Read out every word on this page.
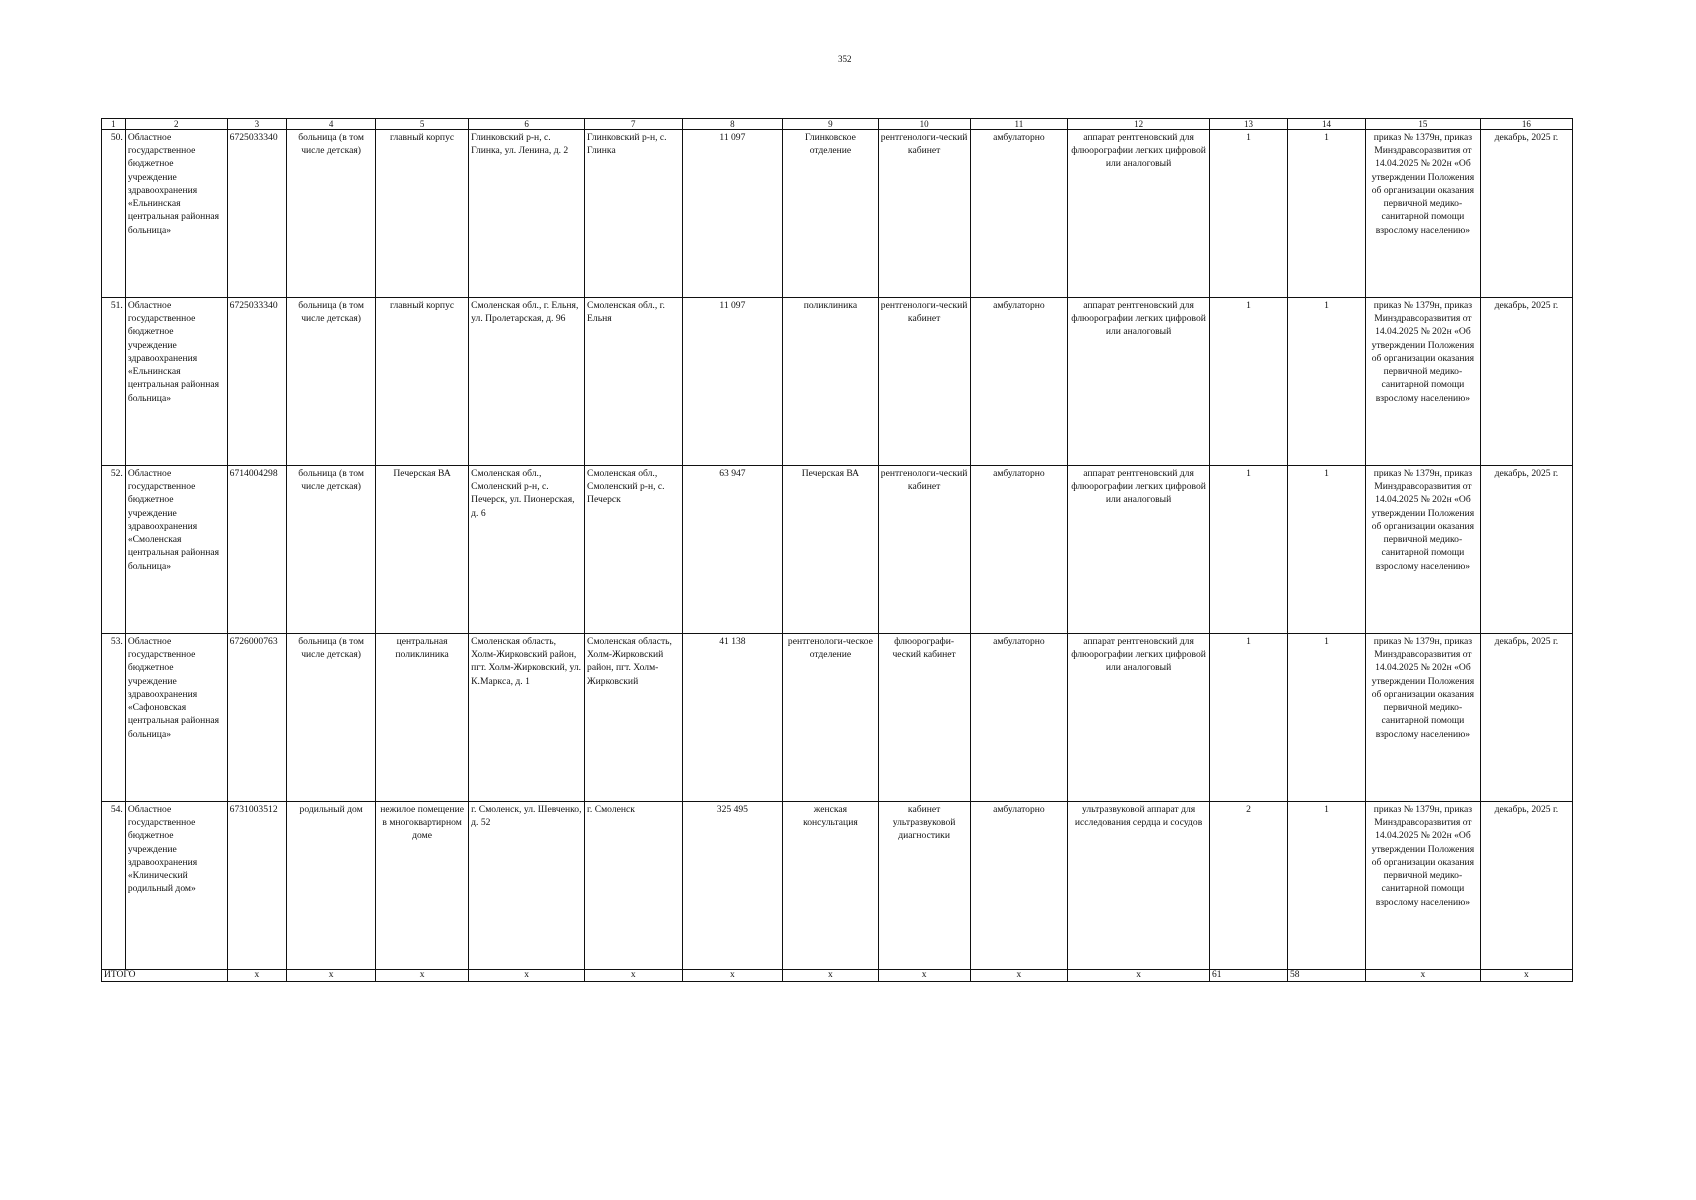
352
1	2	3	4	5	6	7	8	9	10	11	12	13	14	15	16
50.	Областное государственное бюджетное учреждение здравоохранения «Ельнинская центральная районная больница»	6725033340	больница (в том числе детская)	главный корпус	Глинковский р-н, с. Глинка, ул. Ленина, д. 2	Глинковский р-н, с. Глинка	11 097	Глинковское отделение	рентгенологи-ческий кабинет	амбулаторно	аппарат рентгеновский для флюорографии легких цифровой или аналоговый	1	1	приказ № 1379н, приказ Минздравсоразвития от 14.04.2025 № 202н «Об утверждении Положения об организации оказания первичной медико-санитарной помощи взрослому населению»	декабрь, 2025 г.
51.	Областное государственное бюджетное учреждение здравоохранения «Ельнинская центральная районная больница»	6725033340	больница (в том числе детская)	главный корпус	Смоленская обл., г. Ельня, ул. Пролетарская, д. 96	Смоленская обл., г. Ельня	11 097	поликлиника	рентгенологи-ческий кабинет	амбулаторно	аппарат рентгеновский для флюорографии легких цифровой или аналоговый	1	1	приказ № 1379н, приказ Минздравсоразвития от 14.04.2025 № 202н «Об утверждении Положения об организации оказания первичной медико-санитарной помощи взрослому населению»	декабрь, 2025 г.
52.	Областное государственное бюджетное учреждение здравоохранения «Смоленская центральная районная больница»	6714004298	больница (в том числе детская)	Печерская ВА	Смоленская обл., Смоленский р-н, с. Печерск, ул. Пионерская, д. 6	Смоленская обл., Смоленский р-н, с. Печерск	63 947	Печерская ВА	рентгенологи-ческий кабинет	амбулаторно	аппарат рентгеновский для флюорографии легких цифровой или аналоговый	1	1	приказ № 1379н, приказ Минздравсоразвития от 14.04.2025 № 202н «Об утверждении Положения об организации оказания первичной медико-санитарной помощи взрослому населению»	декабрь, 2025 г.
53.	Областное государственное бюджетное учреждение здравоохранения «Сафоновская центральная районная больница»	6726000763	больница (в том числе детская)	центральная поликлиника	Смоленская область, Холм-Жирковский район, пгт. Холм-Жирковский, ул. К.Маркса, д. 1	Смоленская область, Холм-Жирковский район, пгт. Холм-Жирковский	41 138	рентгенологи-ческое отделение	флюорографи-ческий кабинет	амбулаторно	аппарат рентгеновский для флюорографии легких цифровой или аналоговый	1	1	приказ № 1379н, приказ Минздравсоразвития от 14.04.2025 № 202н «Об утверждении Положения об организации оказания первичной медико-санитарной помощи взрослому населению»	декабрь, 2025 г.
54.	Областное государственное бюджетное учреждение здравоохранения «Клинический родильный дом»	6731003512	родильный дом	нежилое помещение в многоквартирном доме	г. Смоленск, ул. Шевченко, д. 52	г. Смоленск	325 495	женская консультация	кабинет ультразвуковой диагностики	амбулаторно	ультразвуковой аппарат для исследования сердца и сосудов	2	1	приказ № 1379н, приказ Минздравсоразвития от 14.04.2025 № 202н «Об утверждении Положения об организации оказания первичной медико-санитарной помощи взрослому населению»	декабрь, 2025 г.
ИТОГО		х	х	х	х	х	х	х	х	х	х	61	58	х	х
